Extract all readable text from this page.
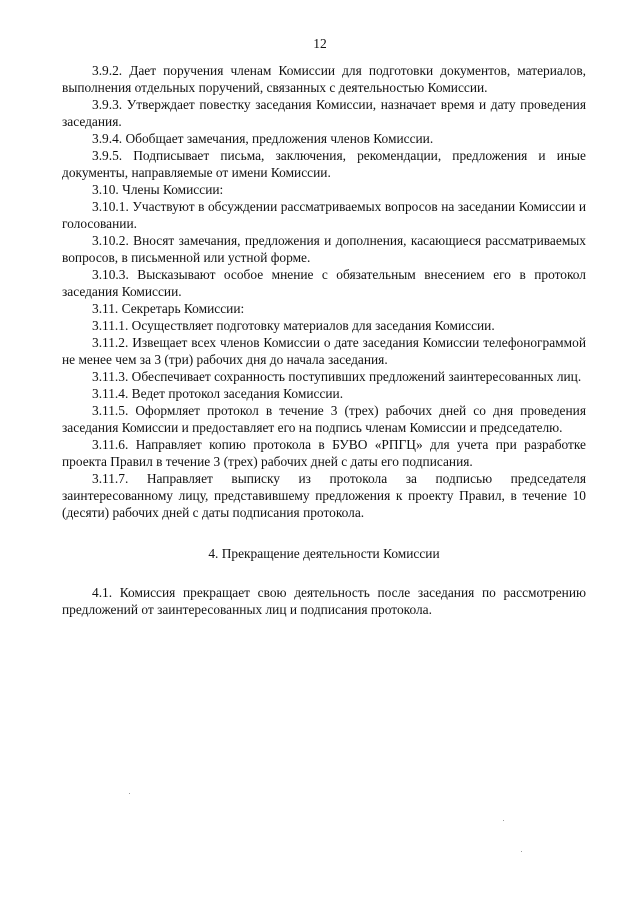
12

3.9.2. Дает поручения членам Комиссии для подготовки документов, материалов, выполнения отдельных поручений, связанных с деятельностью Комиссии.

3.9.3. Утверждает повестку заседания Комиссии, назначает время и дату проведения заседания.

3.9.4. Обобщает замечания, предложения членов Комиссии.

3.9.5. Подписывает письма, заключения, рекомендации, предложения и иные документы, направляемые от имени Комиссии.

3.10. Члены Комиссии:

3.10.1. Участвуют в обсуждении рассматриваемых вопросов на заседании Комиссии и голосовании.

3.10.2. Вносят замечания, предложения и дополнения, касающиеся рассматриваемых вопросов, в письменной или устной форме.

3.10.3. Высказывают особое мнение с обязательным внесением его в протокол заседания Комиссии.

3.11. Секретарь Комиссии:

3.11.1. Осуществляет подготовку материалов для заседания Комиссии.

3.11.2. Извещает всех членов Комиссии о дате заседания Комиссии телефонограммой не менее чем за 3 (три) рабочих дня до начала заседания.

3.11.3. Обеспечивает сохранность поступивших предложений заинтересованных лиц.

3.11.4. Ведет протокол заседания Комиссии.

3.11.5. Оформляет протокол в течение 3 (трех) рабочих дней со дня проведения заседания Комиссии и предоставляет его на подпись членам Комиссии и председателю.

3.11.6. Направляет копию протокола в БУВО «РПГЦ» для учета при разработке проекта Правил в течение 3 (трех) рабочих дней с даты его подписания.

3.11.7. Направляет выписку из протокола за подписью председателя заинтересованному лицу, представившему предложения к проекту Правил, в течение 10 (десяти) рабочих дней с даты подписания протокола.

4. Прекращение деятельности Комиссии

4.1. Комиссия прекращает свою деятельность после заседания по рассмотрению предложений от заинтересованных лиц и подписания протокола.
